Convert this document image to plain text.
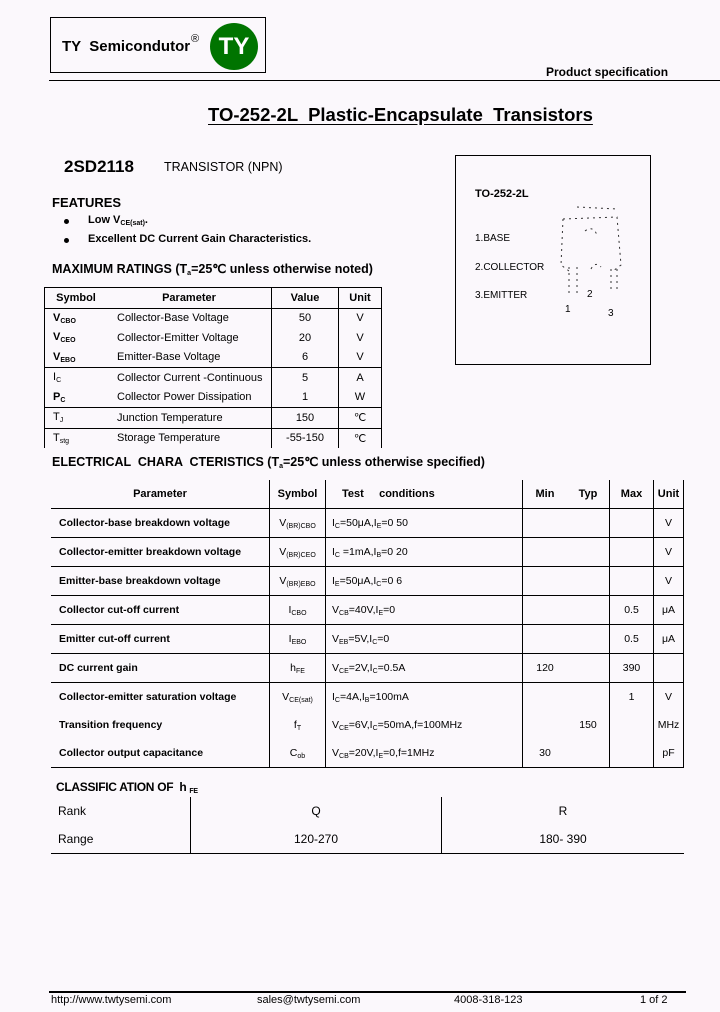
TY  Semicondutor ® TY
Product specification
TO-252-2L  Plastic-Encapsulate  Transistors
2SD2118 TRANSISTOR (NPN)
FEATURES
Low $V_{CE(sat)}$.
Excellent DC Current Gain Characteristics.
MAXIMUM RATINGS ($T_a=25℃$ unless otherwise noted)
TO-252-2L
1.BASE
2.COLLECTOR
3.EMITTER
1
2
3
Symbol	Parameter	Value	Unit
$V_{CBO}$	Collector-Base Voltage	50	V
$V_{CEO}$	Collector-Emitter Voltage	20	V
$V_{EBO}$	Emitter-Base Voltage	6	V
$I_C$	Collector Current -Continuous	5	A
$P_C$	Collector Power Dissipation	1	W
$T_J$	Junction Temperature	150	℃
$T_{stg}$	Storage Temperature	-55-150	℃
ELECTRICAL  CHARA  CTERISTICS ($T_a=25℃$ unless otherwise specified)
Parameter	Symbol	Test     conditions	Min	Typ	Max	Unit
Collector-base breakdown voltage	$V_{(BR)CBO}$	$I_C=50\mu A,I_E=0$ 50				V
Collector-emitter breakdown voltage	$V_{(BR)CEO}$	$I_C =1mA,I_B=0$ 20				V
Emitter-base breakdown voltage	$V_{(BR)EBO}$	$I_E=50\mu A,I_C=0$ 6				V
Collector cut-off current	$I_{CBO}$	$V_{CB}=40V,I_E=0$			0.5	μA
Emitter cut-off current	$I_{EBO}$	$V_{EB}=5V,I_C=0$			0.5	μA
DC current gain	$h_{FE}$	$V_{CE}=2V,I_C=0.5A$	120		390	
Collector-emitter saturation voltage	$V_{CE(sat)}$	$I_C=4A,I_B=100mA$			1	V
Transition frequency	$f_T$	$V_{CE}=6V,I_C=50mA,f=100MHz$		150		MHz
Collector output capacitance	$C_{ob}$	$V_{CB}=20V,I_E=0,f=1MHz$	30			pF
CLASSIFIC ATION OF  h $_{FE}$
Rank	Q	R
Range	120-270	180- 390
http://www.twtysemi.com	sales@twtysemi.com	4008-318-123	1 of 2
